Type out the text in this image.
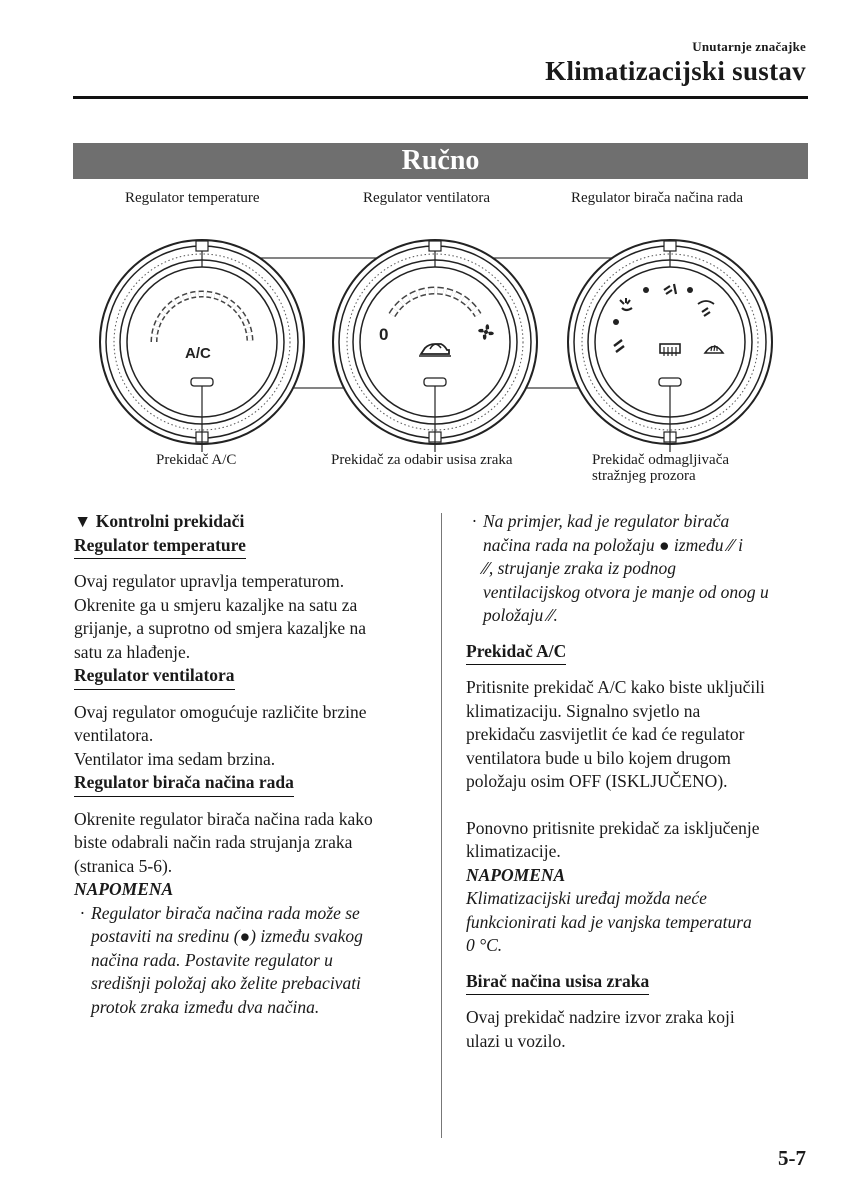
Unutarnje značajke
Klimatizacijski sustav
Ručno
Regulator temperature	Regulator ventilatora	Regulator birača načina rada
Prekidač A/C	Prekidač za odabir usisa zraka	Prekidač odmagljivača
stražnjeg prozora
A/C
0

▼ Kontrolni prekidači

Regulator temperature

Ovaj regulator upravlja temperaturom.
Okrenite ga u smjeru kazaljke na satu za
grijanje, a suprotno od smjera kazaljke na
satu za hlađenje.

Regulator ventilatora

Ovaj regulator omogućuje različite brzine
ventilatora.
Ventilator ima sedam brzina.

Regulator birača načina rada

Okrenite regulator birača načina rada kako
biste odabrali način rada strujanja zraka
(stranica 5-6).

NAPOMENA

· Regulator birača načina rada može se
postaviti na sredinu (●) između svakog
načina rada. Postavite regulator u
središnji položaj ako želite prebacivati
protok zraka između dva načina.

· Na primjer, kad je regulator birača
načina rada na položaju ● između ⁄⁄ i
⁄⁄, strujanje zraka iz podnog
ventilacijskog otvora je manje od onog u
položaju ⁄⁄.

Prekidač A/C

Pritisnite prekidač A/C kako biste uključili
klimatizaciju. Signalno svjetlo na
prekidaču zasvijetlit će kad će regulator
ventilatora bude u bilo kojem drugom
položaju osim OFF (ISKLJUČENO).

Ponovno pritisnite prekidač za isključenje
klimatizacije.

NAPOMENA

Klimatizacijski uređaj možda neće
funkcionirati kad je vanjska temperatura
0 °C.

Birač načina usisa zraka

Ovaj prekidač nadzire izvor zraka koji
ulazi u vozilo.

5-7
